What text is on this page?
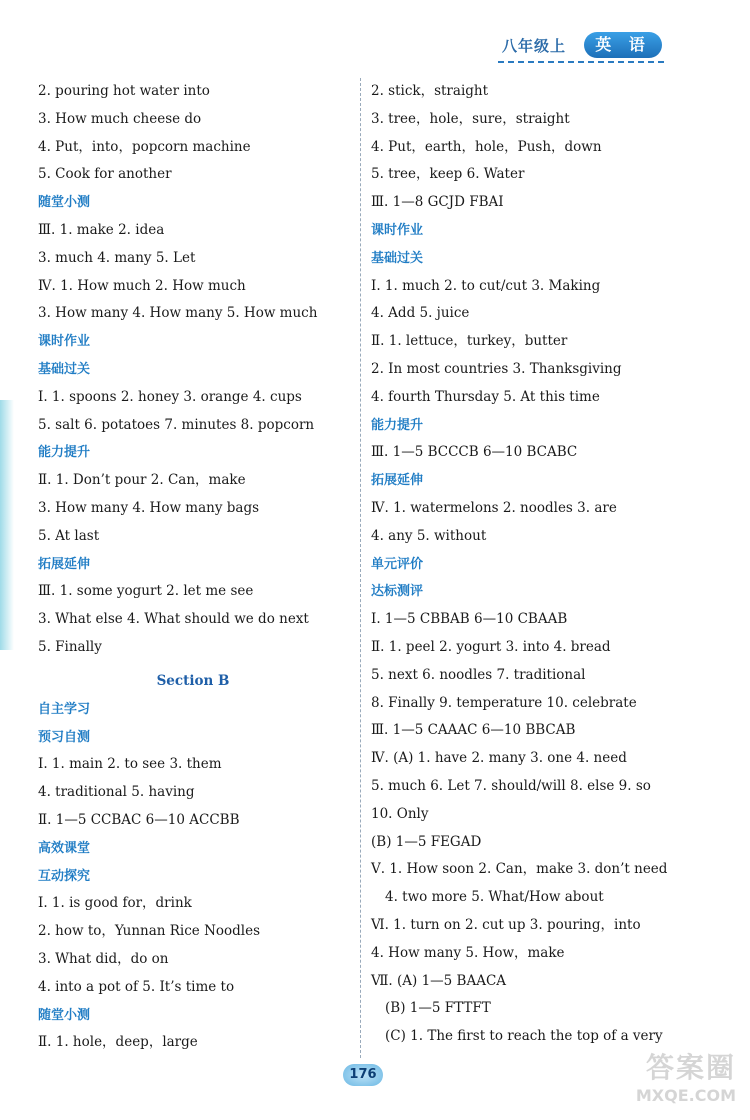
八年级上	英 语
2. pouring hot water into
3. How much cheese do
4. Put，into，popcorn machine
5. Cook for another
随堂小测
Ⅲ. 1. make 2. idea
3. much 4. many 5. Let
Ⅳ. 1. How much 2. How much
3. How many 4. How many 5. How much
课时作业
基础过关
Ⅰ. 1. spoons 2. honey 3. orange 4. cups
5. salt 6. potatoes 7. minutes 8. popcorn
能力提升
Ⅱ. 1. Don’t pour 2. Can，make
3. How many 4. How many bags
5. At last
拓展延伸
Ⅲ. 1. some yogurt 2. let me see
3. What else 4. What should we do next
5. Finally
Section B
自主学习
预习自测
Ⅰ. 1. main 2. to see 3. them
4. traditional 5. having
Ⅱ. 1—5 CCBAC 6—10 ACCBB
高效课堂
互动探究
Ⅰ. 1. is good for，drink
2. how to，Yunnan Rice Noodles
3. What did，do on
4. into a pot of 5. It’s time to
随堂小测
Ⅱ. 1. hole，deep，large
2. stick，straight
3. tree，hole，sure，straight
4. Put，earth，hole，Push，down
5. tree，keep 6. Water
Ⅲ. 1—8 GCJD FBAI
课时作业
基础过关
Ⅰ. 1. much 2. to cut/cut 3. Making
4. Add 5. juice
Ⅱ. 1. lettuce，turkey，butter
2. In most countries 3. Thanksgiving
4. fourth Thursday 5. At this time
能力提升
Ⅲ. 1—5 BCCCB 6—10 BCABC
拓展延伸
Ⅳ. 1. watermelons 2. noodles 3. are
4. any 5. without
单元评价
达标测评
Ⅰ. 1—5 CBBAB 6—10 CBAAB
Ⅱ. 1. peel 2. yogurt 3. into 4. bread
5. next 6. noodles 7. traditional
8. Finally 9. temperature 10. celebrate
Ⅲ. 1—5 CAAAC 6—10 BBCAB
Ⅳ. (A) 1. have 2. many 3. one 4. need
5. much 6. Let 7. should/will 8. else 9. so
10. Only
(B) 1—5 FEGAD
Ⅴ. 1. How soon 2. Can，make 3. don’t need
4. two more 5. What/How about
Ⅵ. 1. turn on 2. cut up 3. pouring，into
4. How many 5. How，make
Ⅶ. (A) 1—5 BAACA
(B) 1—5 FTTFT
(C) 1. The first to reach the top of a very
176	答案圈
MXQE.COM
